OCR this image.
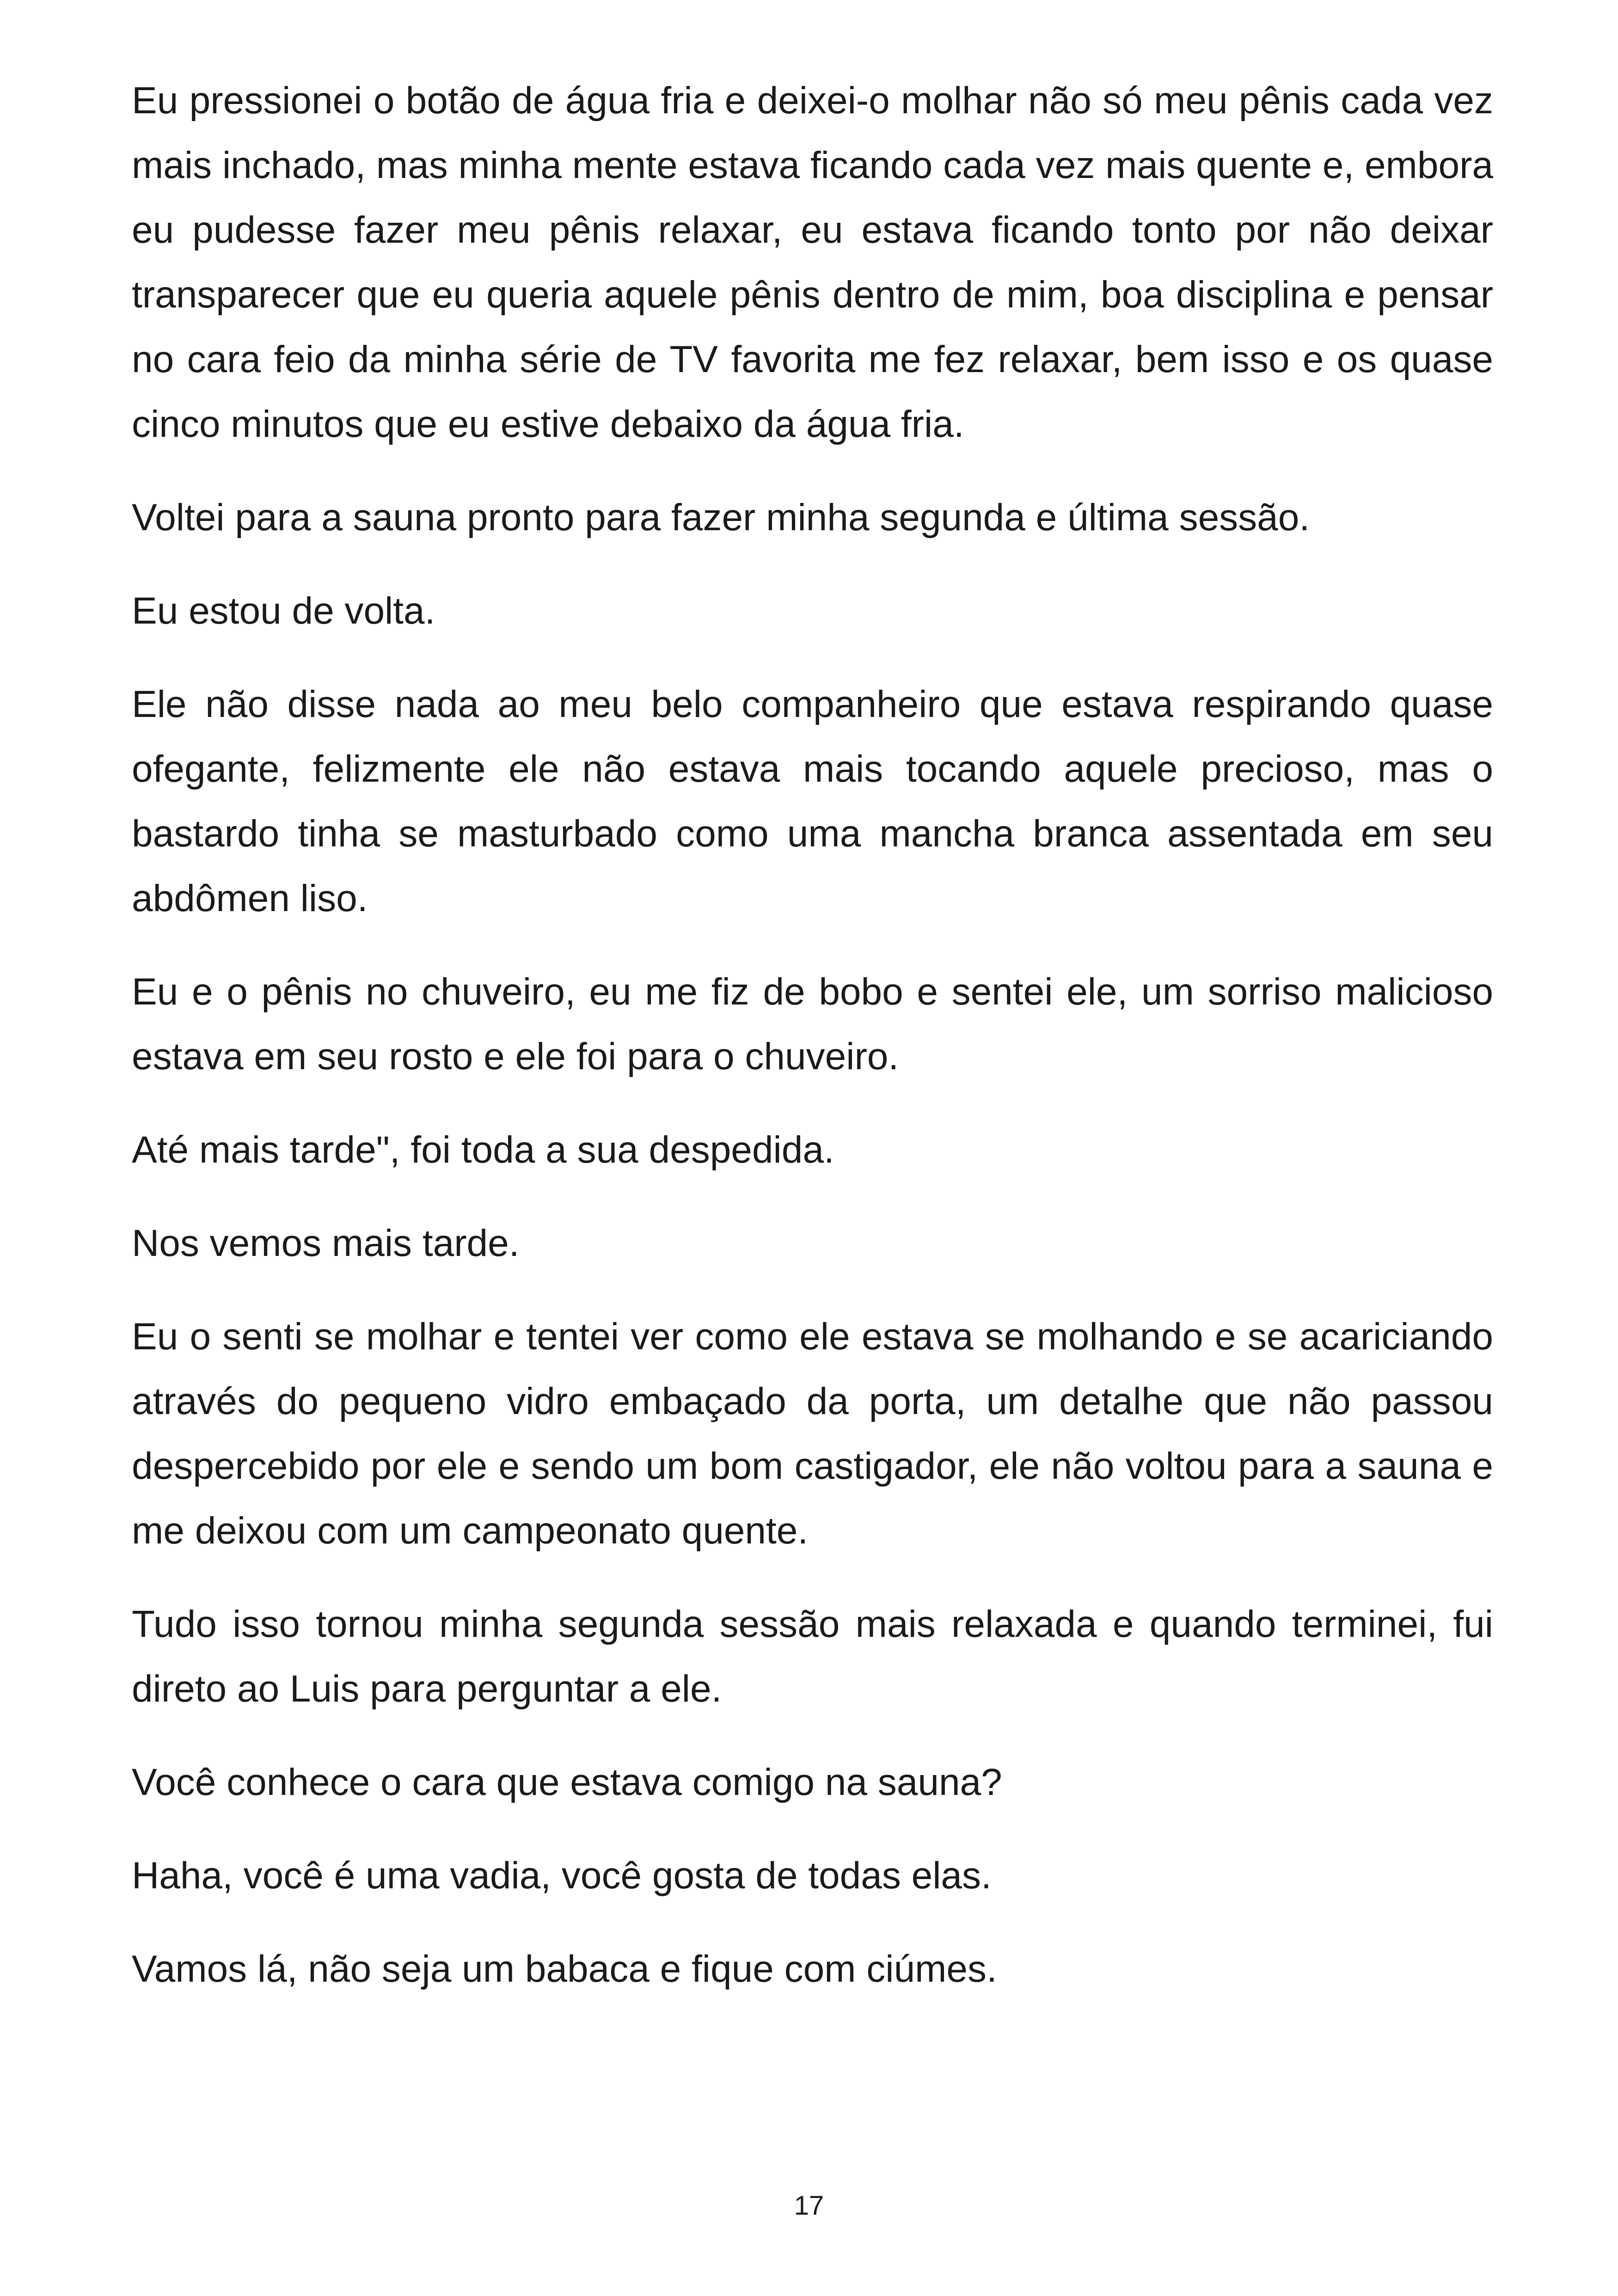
Eu pressionei o botão de água fria e deixei-o molhar não só meu pênis cada vez mais inchado, mas minha mente estava ficando cada vez mais quente e, embora eu pudesse fazer meu pênis relaxar, eu estava ficando tonto por não deixar transparecer que eu queria aquele pênis dentro de mim, boa disciplina e pensar no cara feio da minha série de TV favorita me fez relaxar, bem isso e os quase cinco minutos que eu estive debaixo da água fria.

Voltei para a sauna pronto para fazer minha segunda e última sessão.

Eu estou de volta.

Ele não disse nada ao meu belo companheiro que estava respirando quase ofegante, felizmente ele não estava mais tocando aquele precioso, mas o bastardo tinha se masturbado como uma mancha branca assentada em seu abdômen liso.

Eu e o pênis no chuveiro, eu me fiz de bobo e sentei ele, um sorriso malicioso estava em seu rosto e ele foi para o chuveiro.

Até mais tarde", foi toda a sua despedida.

Nos vemos mais tarde.

Eu o senti se molhar e tentei ver como ele estava se molhando e se acariciando através do pequeno vidro embaçado da porta, um detalhe que não passou despercebido por ele e sendo um bom castigador, ele não voltou para a sauna e me deixou com um campeonato quente.

Tudo isso tornou minha segunda sessão mais relaxada e quando terminei, fui direto ao Luis para perguntar a ele.

Você conhece o cara que estava comigo na sauna?

Haha, você é uma vadia, você gosta de todas elas.

Vamos lá, não seja um babaca e fique com ciúmes.

17
